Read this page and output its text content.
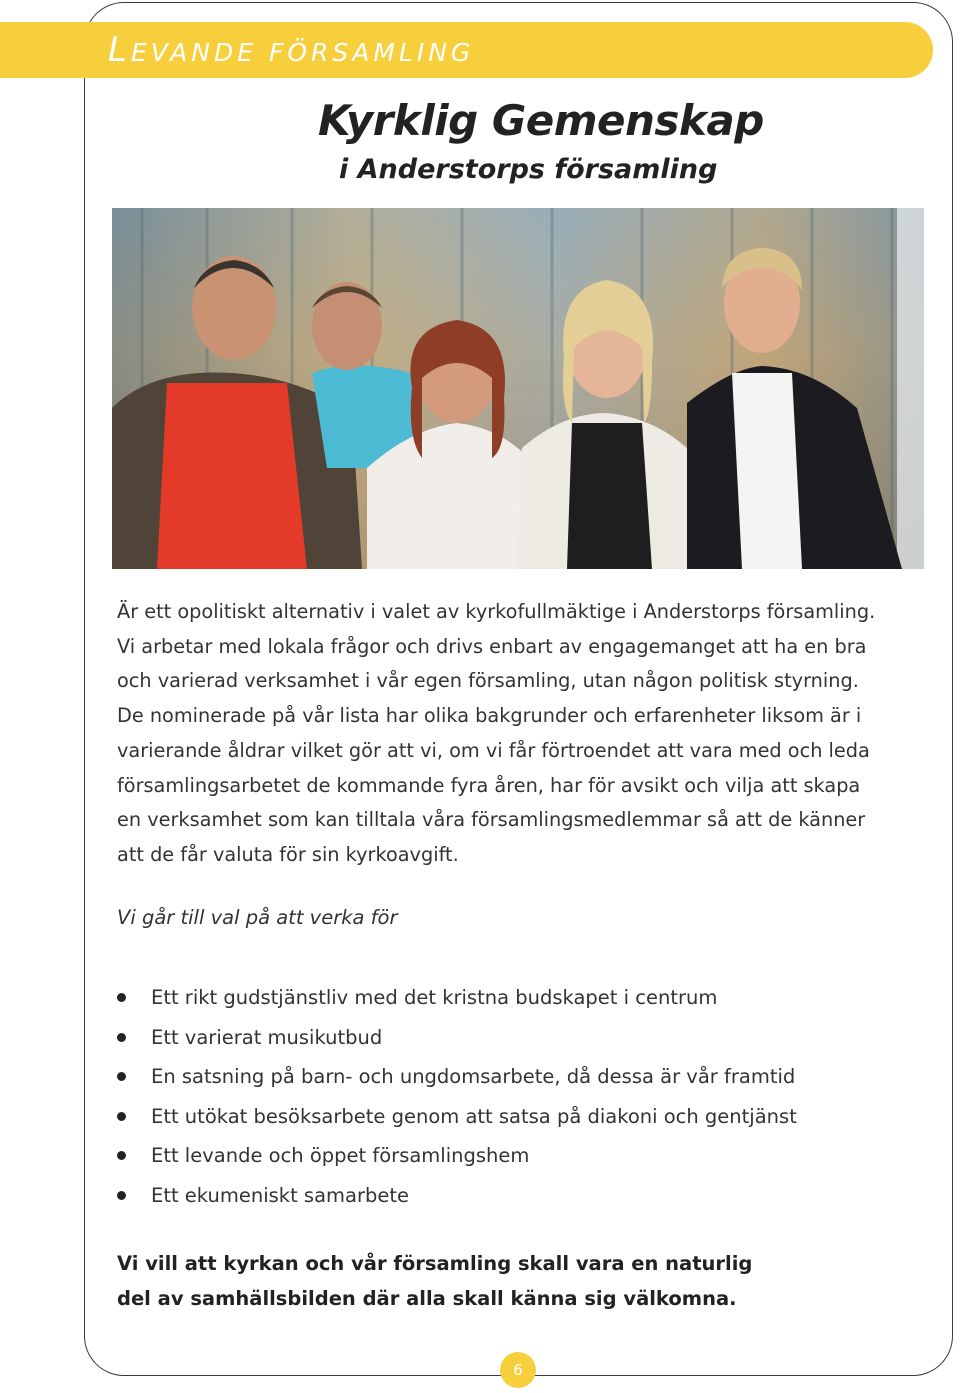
LEVANDE FÖRSAMLING
Kyrklig Gemenskap
i Anderstorps församling

Är ett opolitiskt alternativ i valet av kyrkofullmäktige i Anderstorps församling.

Vi arbetar med lokala frågor och drivs enbart av engagemanget att ha en bra

och varierad verksamhet i vår egen församling, utan någon politisk styrning.

De nominerade på vår lista har olika bakgrunder och erfarenheter liksom är i

varierande åldrar vilket gör att vi, om vi får förtroendet att vara med och leda

församlingsarbetet de kommande fyra åren, har för avsikt och vilja att skapa

en verksamhet som kan tilltala våra församlingsmedlemmar så att de känner

att de får valuta för sin kyrkoavgift.

Vi går till val på att verka för
Ett rikt gudstjänstliv med det kristna budskapet i centrum
Ett varierat musikutbud
En satsning på barn- och ungdomsarbete, då dessa är vår framtid
Ett utökat besöksarbete genom att satsa på diakoni och gentjänst
Ett levande och öppet församlingshem
Ett ekumeniskt samarbete

Vi vill att kyrkan och vår församling skall vara en naturlig

del av samhällsbilden där alla skall känna sig välkomna.

6
